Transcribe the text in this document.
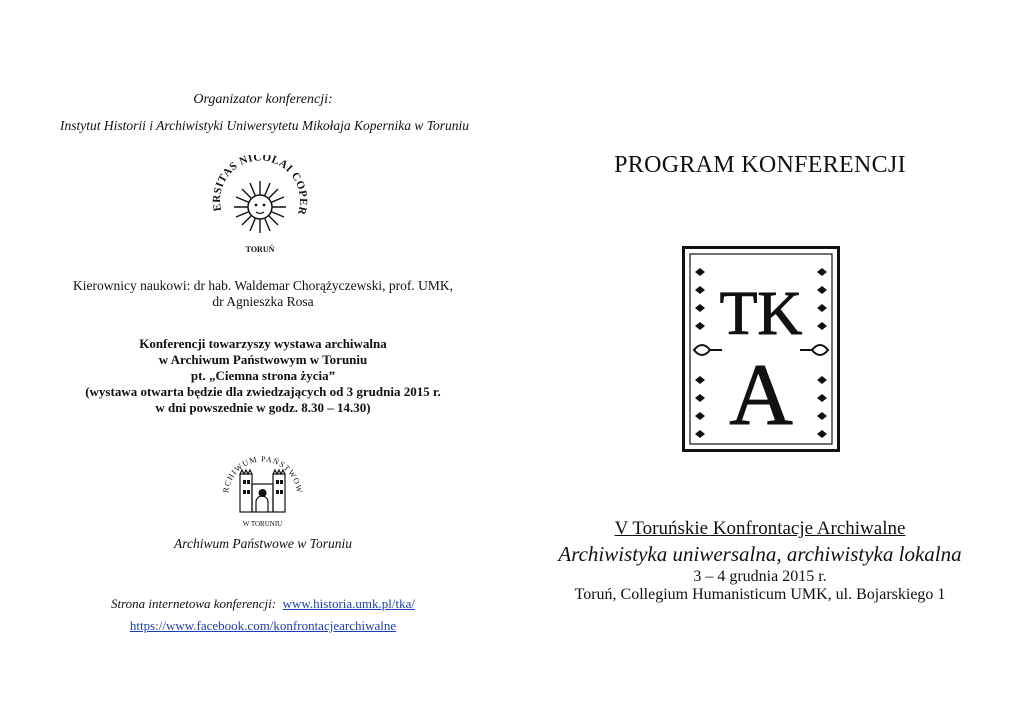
Organizator konferencji:
Instytut Historii i Archiwistyki Uniwersytetu Mikołaja Kopernika w Toruniu
ERSITAS NICOLAI COPER
TORUŃ
Kierownicy naukowi: dr hab. Waldemar Chorążyczewski, prof. UMK,
dr Agnieszka Rosa
Konferencji towarzyszy wystawa archiwalna
w Archiwum Państwowym w Toruniu
pt. „Ciemna strona życia”
(wystawa otwarta będzie dla zwiedzających od 3 grudnia 2015 r.
w dni powszednie w godz. 8.30 – 14.30)
RCHIWUM PAŃSTWOW
W TORUNIU
Archiwum Państwowe w Toruniu
Strona internetowa konferencji: www.historia.umk.pl/tka/
https://www.facebook.com/konfrontacjearchiwalne
PROGRAM KONFERENCJI
TK
A
V Toruńskie Konfrontacje Archiwalne
Archiwistyka uniwersalna, archiwistyka lokalna
3 – 4 grudnia 2015 r.
Toruń, Collegium Humanisticum UMK, ul. Bojarskiego 1
